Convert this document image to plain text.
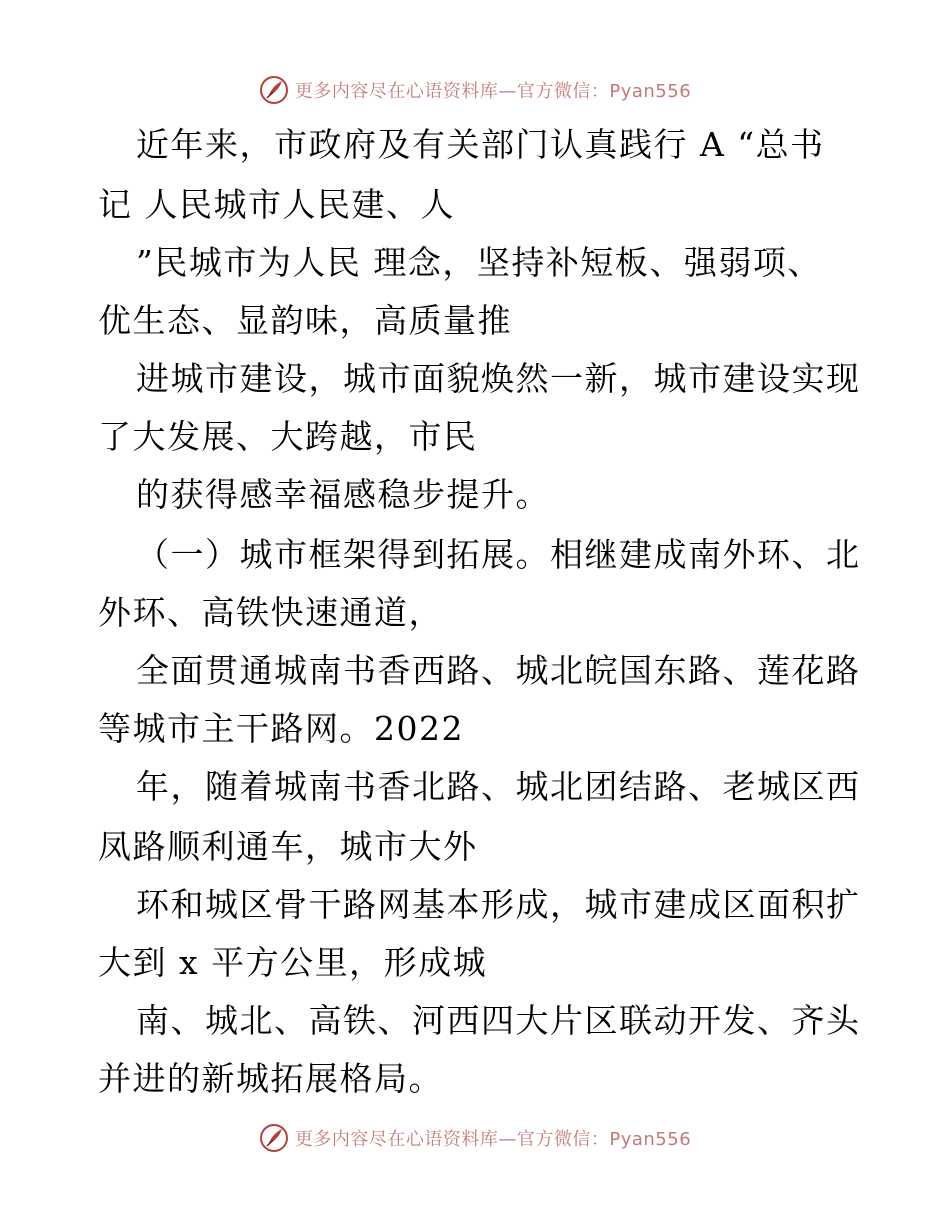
更多内容尽在心语资料库—官方微信：Pyan556
近年来，市政府及有关部门认真践行 A “总书
记 人民城市人民建、人
”民城市为人民 理念，坚持补短板、强弱项、
优生态、显韵味，高质量推
进城市建设，城市面貌焕然一新，城市建设实现
了大发展、大跨越，市民
的获得感幸福感稳步提升。
（一）城市框架得到拓展。相继建成南外环、北
外环、高铁快速通道，
全面贯通城南书香西路、城北皖国东路、莲花路
等城市主干路网。2022
年，随着城南书香北路、城北团结路、老城区西
凤路顺利通车，城市大外
环和城区骨干路网基本形成，城市建成区面积扩
大到 x 平方公里，形成城
南、城北、高铁、河西四大片区联动开发、齐头
并进的新城拓展格局。
更多内容尽在心语资料库—官方微信：Pyan556
